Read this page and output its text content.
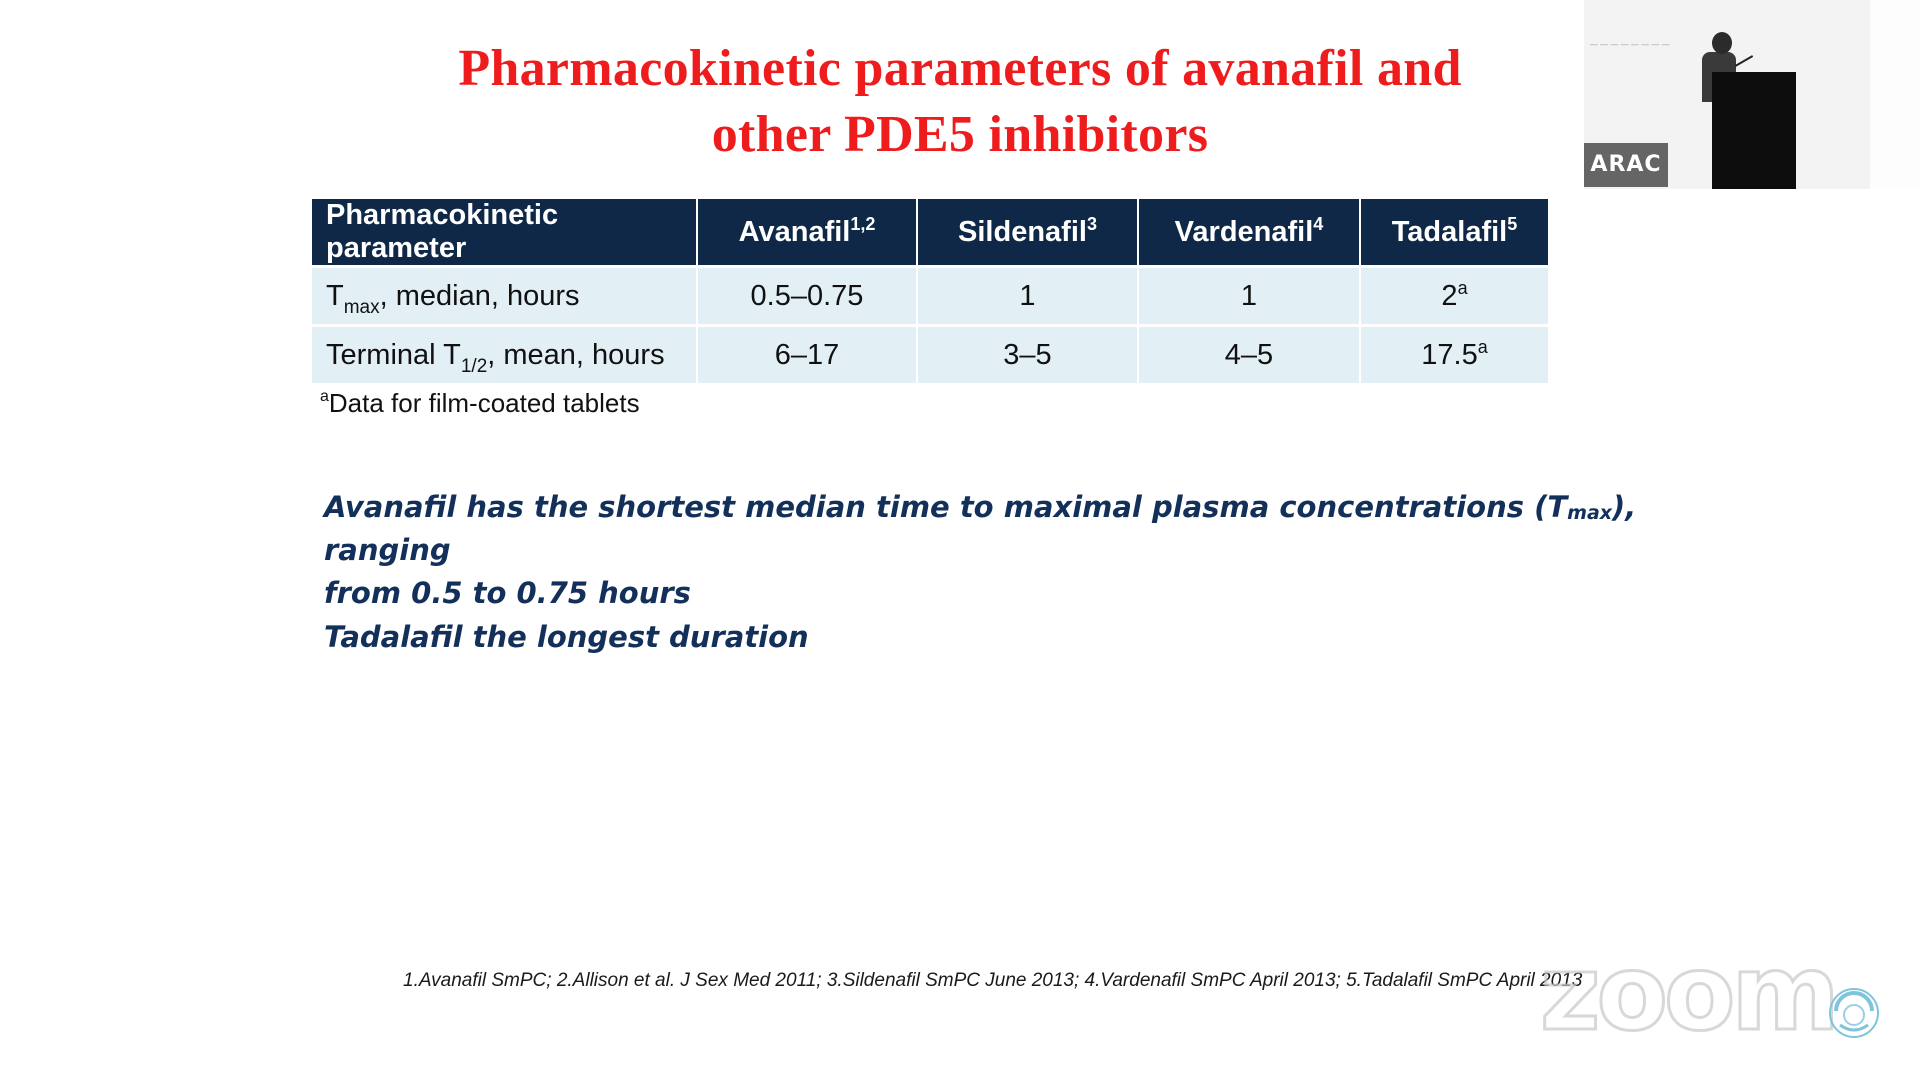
Pharmacokinetic parameters of avanafil and
other PDE5 inhibitors
Pharmacokinetic parameter	Avanafil$^{1,2}$	Sildenafil$^3$	Vardenafil$^4$	Tadalafil$^5$
$T_{max}$, median, hours	0.5–0.75	1	1	2$^a$
Terminal $T_{1/2}$, mean, hours	6–17	3–5	4–5	17.5$^a$
$^a$Data for film-coated tablets
Avanafil has the shortest median time to maximal plasma concentrations $(T_{max})$, ranging
from 0.5 to 0.75 hours
Tadalafil the longest duration
1.Avanafil SmPC; 2.Allison et al. J Sex Med 2011; 3.Sildenafil SmPC June 2013; 4.Vardenafil SmPC April 2013; 5.Tadalafil SmPC April 2013
— — — — — — — —
ARAC
zoom
